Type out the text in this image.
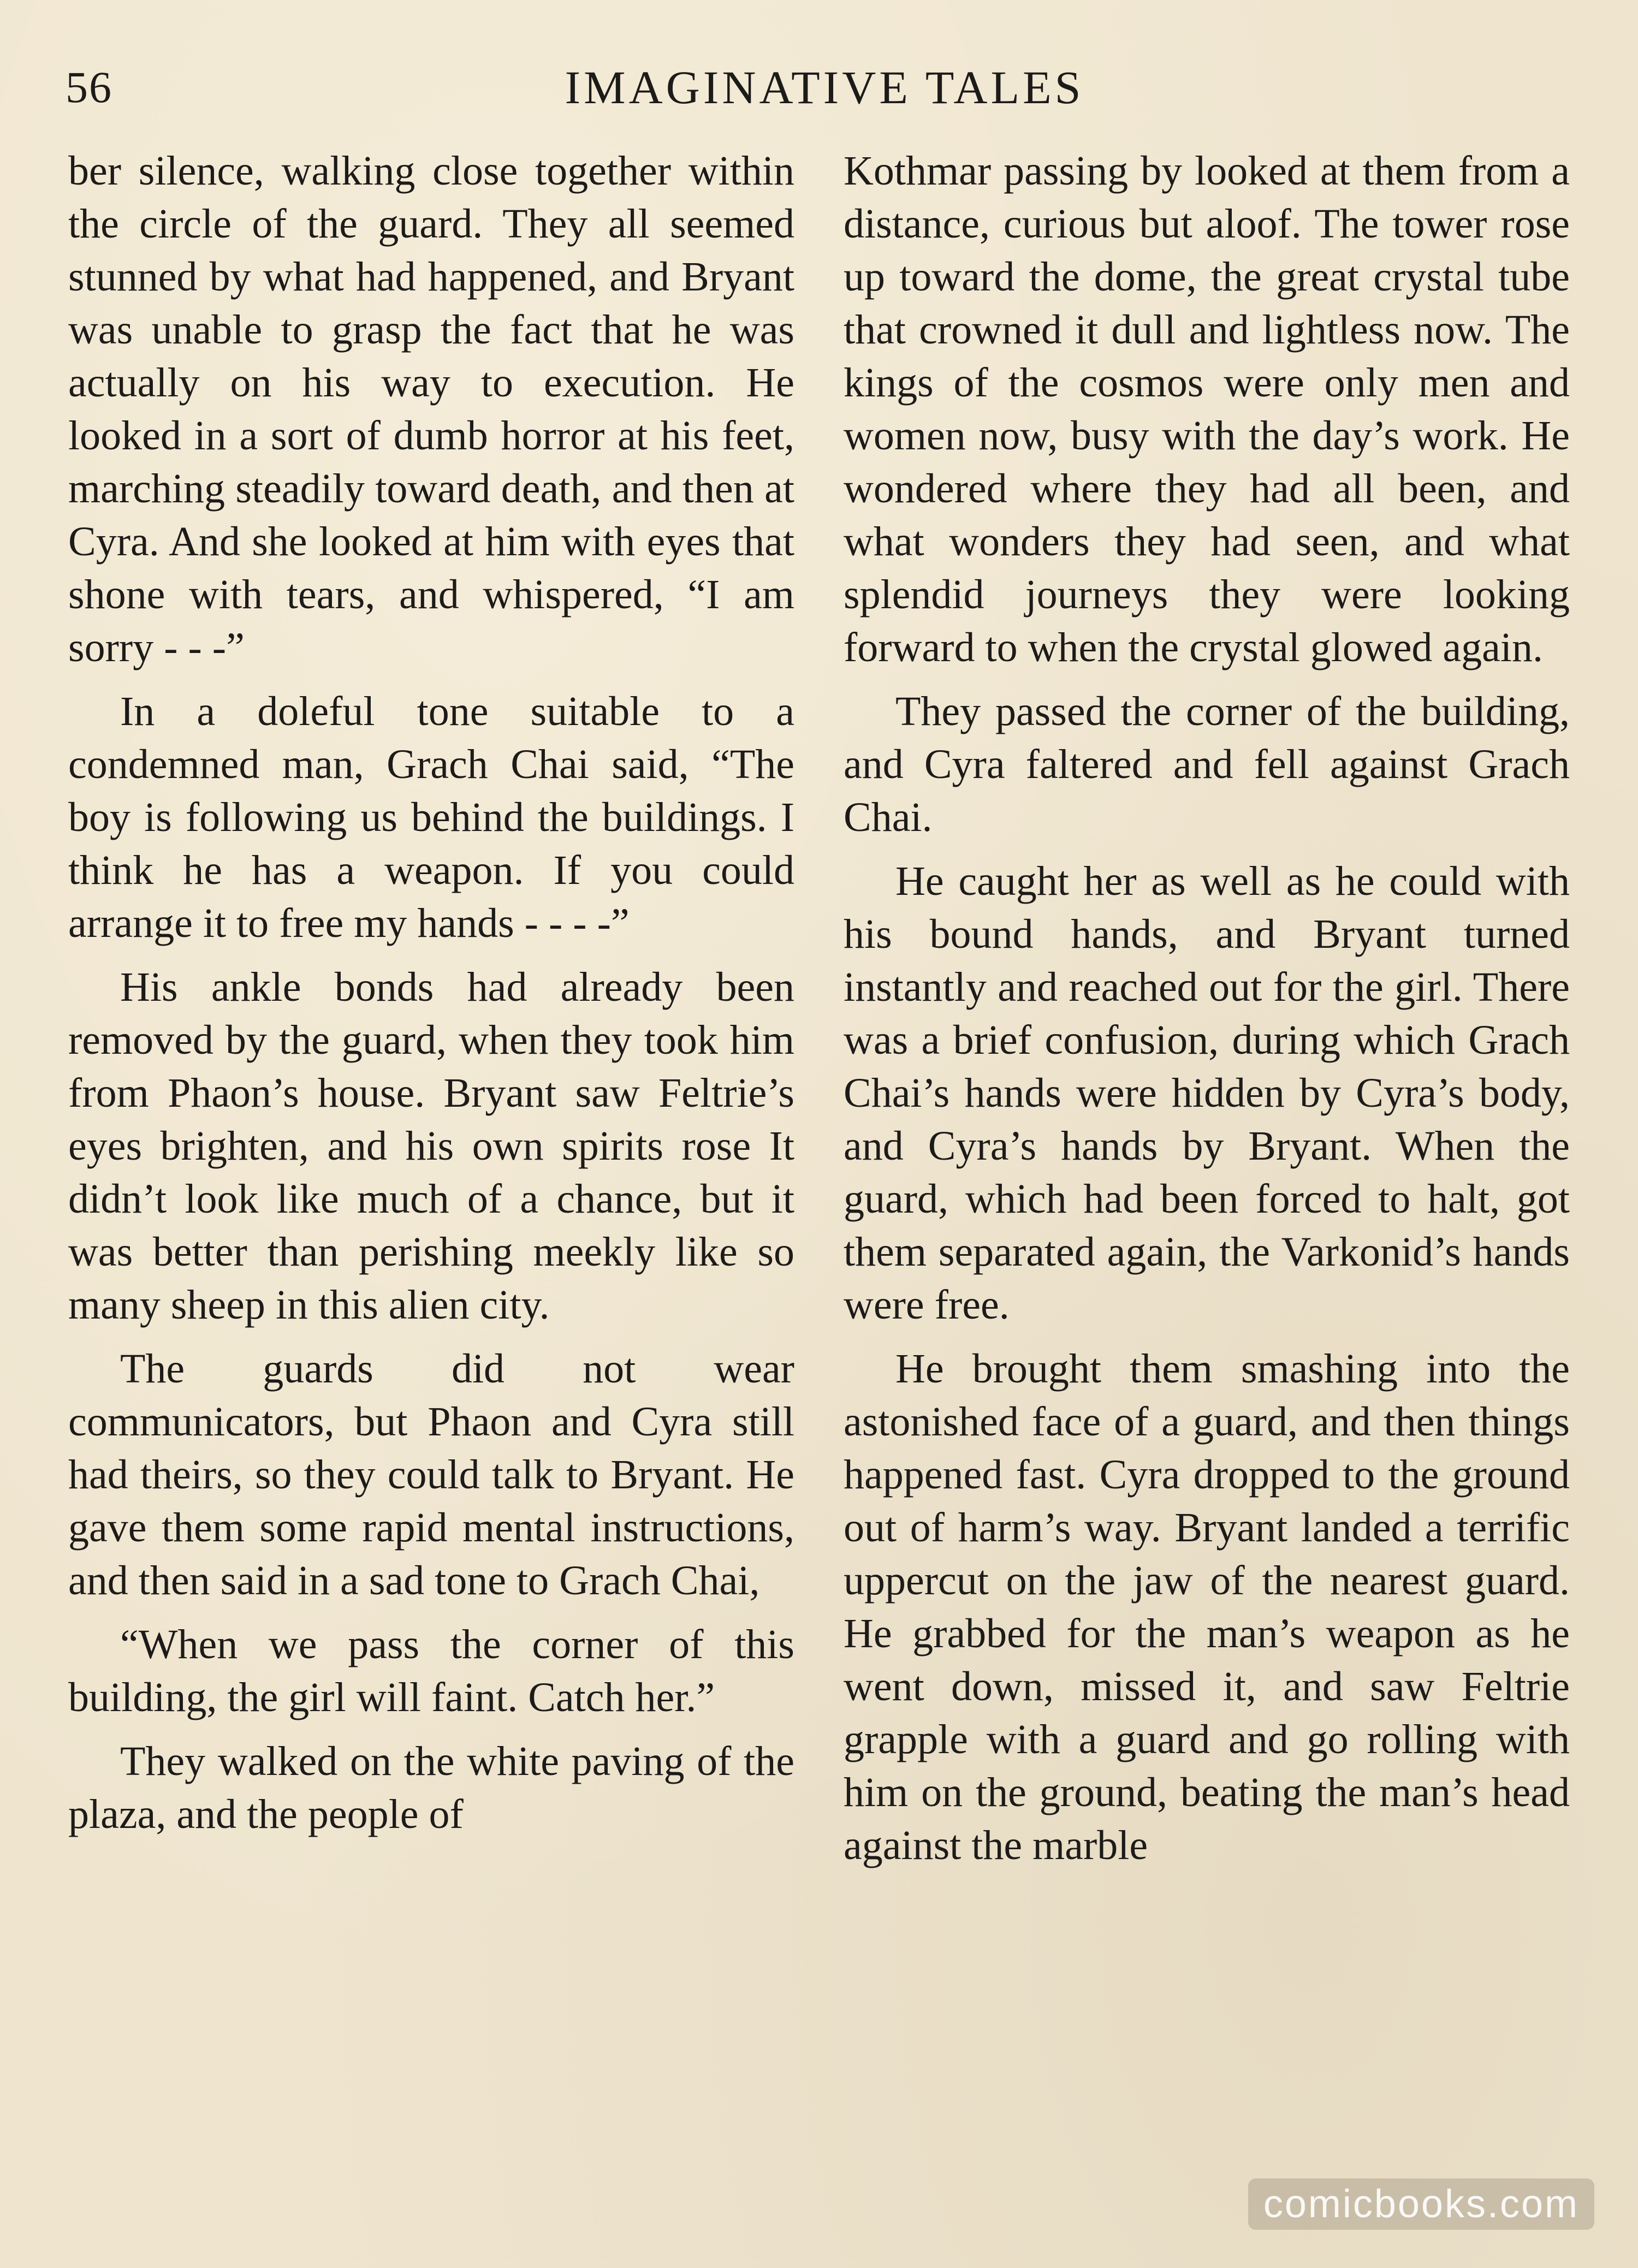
56	IMAGINATIVE TALES

ber silence, walking close together within the circle of the guard. They all seemed stunned by what had happened, and Bryant was unable to grasp the fact that he was actually on his way to execution. He looked in a sort of dumb horror at his feet, marching steadily toward death, and then at Cyra. And she looked at him with eyes that shone with tears, and whispered, “I am sorry - - -”

In a doleful tone suitable to a condemned man, Grach Chai said, “The boy is following us behind the buildings. I think he has a weapon. If you could arrange it to free my hands - - - -”

His ankle bonds had already been removed by the guard, when they took him from Phaon’s house. Bryant saw Feltrie’s eyes brighten, and his own spirits rose It didn’t look like much of a chance, but it was better than perishing meekly like so many sheep in this alien city.

The guards did not wear communicators, but Phaon and Cyra still had theirs, so they could talk to Bryant. He gave them some rapid mental instructions, and then said in a sad tone to Grach Chai,

“When we pass the corner of this building, the girl will faint. Catch her.”

They walked on the white paving of the plaza, and the people of

Kothmar passing by looked at them from a distance, curious but aloof. The tower rose up toward the dome, the great crystal tube that crowned it dull and lightless now. The kings of the cosmos were only men and women now, busy with the day’s work. He wondered where they had all been, and what wonders they had seen, and what splendid journeys they were looking forward to when the crystal glowed again.

They passed the corner of the building, and Cyra faltered and fell against Grach Chai.

He caught her as well as he could with his bound hands, and Bryant turned instantly and reached out for the girl. There was a brief confusion, during which Grach Chai’s hands were hidden by Cyra’s body, and Cyra’s hands by Bryant. When the guard, which had been forced to halt, got them separated again, the Varkonid’s hands were free.

He brought them smashing into the astonished face of a guard, and then things happened fast. Cyra dropped to the ground out of harm’s way. Bryant landed a terrific uppercut on the jaw of the nearest guard. He grabbed for the man’s weapon as he went down, missed it, and saw Feltrie grapple with a guard and go rolling with him on the ground, beating the man’s head against the marble

comicbooks.com
